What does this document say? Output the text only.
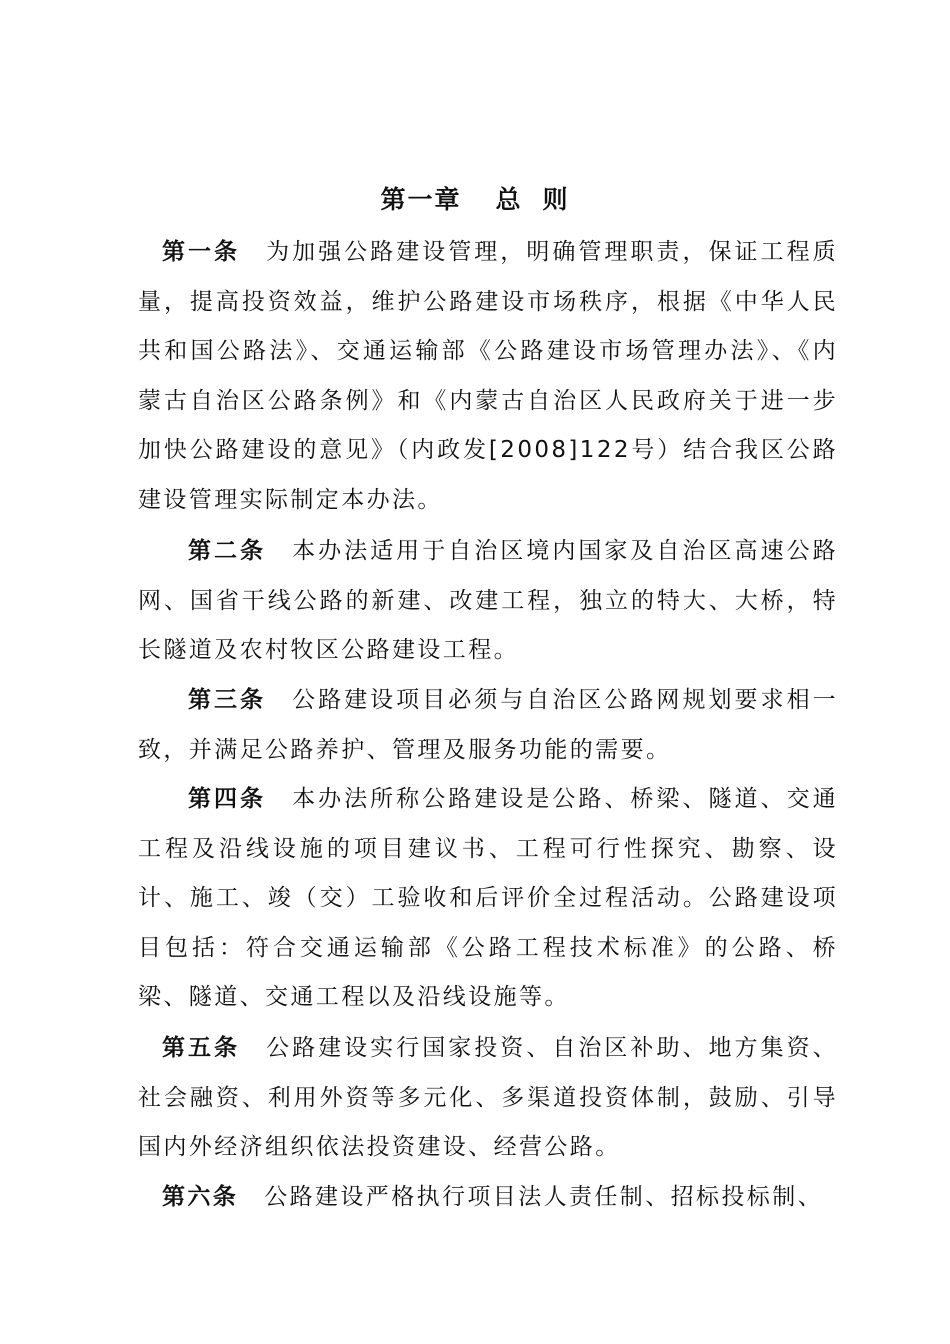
第一章 总 则

第一条 为加强公路建设管理，明确管理职责，保证工程质量，提高投资效益，维护公路建设市场秩序，根据《中华人民共和国公路法》、交通运输部《公路建设市场管理办法》、《内蒙古自治区公路条例》和《内蒙古自治区人民政府关于进一步加快公路建设的意见》（内政发[2008]122号）结合我区公路建设管理实际制定本办法。

第二条 本办法适用于自治区境内国家及自治区高速公路网、国省干线公路的新建、改建工程，独立的特大、大桥，特长隧道及农村牧区公路建设工程。

第三条 公路建设项目必须与自治区公路网规划要求相一致，并满足公路养护、管理及服务功能的需要。

第四条 本办法所称公路建设是公路、桥梁、隧道、交通工程及沿线设施的项目建议书、工程可行性探究、勘察、设计、施工、竣（交）工验收和后评价全过程活动。公路建设项目包括：符合交通运输部《公路工程技术标准》的公路、桥梁、隧道、交通工程以及沿线设施等。

第五条 公路建设实行国家投资、自治区补助、地方集资、社会融资、利用外资等多元化、多渠道投资体制，鼓励、引导国内外经济组织依法投资建设、经营公路。

第六条 公路建设严格执行项目法人责任制、招标投标制、
